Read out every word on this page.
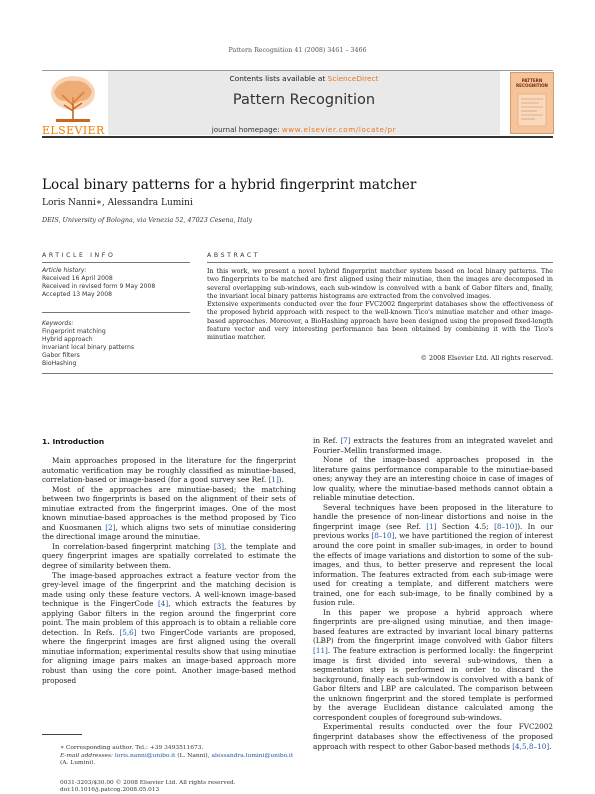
Pattern Recognition 41 (2008) 3461 – 3466
Contents lists available at ScienceDirect
Pattern Recognition
journal homepage: www.elsevier.com/locate/pr
ELSEVIER
PATTERN
RECOGNITION
Local binary patterns for a hybrid fingerprint matcher
Loris Nanni∗, Alessandra Lumini
DEIS, University of Bologna, via Venezia 52, 47023 Cesena, Italy
ARTICLE INFO	ABSTRACT
Article history:
Received 16 April 2008
Received in revised form 9 May 2008
Accepted 13 May 2008
Keywords:
Fingerprint matching
Hybrid approach
Invariant local binary patterns
Gabor filters
BioHashing

In this work, we present a novel hybrid fingerprint matcher system based on local binary patterns. The two fingerprints to be matched are first aligned using their minutiae, then the images are decomposed in several overlapping sub-windows, each sub-window is convolved with a bank of Gabor filters and, finally, the invariant local binary patterns histograms are extracted from the convolved images.

Extensive experiments conducted over the four FVC2002 fingerprint databases show the effectiveness of the proposed hybrid approach with respect to the well-known Tico's minutiae matcher and other image-based approaches. Moreover, a BioHashing approach have been designed using the proposed fixed-length feature vector and very interesting performance has been obtained by combining it with the Tico's minutiae matcher.

© 2008 Elsevier Ltd. All rights reserved.
1. Introduction

Main approaches proposed in the literature for the fingerprint automatic verification may be roughly classified as minutiae-based, correlation-based or image-based (for a good survey see Ref. [1]).

Most of the approaches are minutiae-based; the matching between two fingerprints is based on the alignment of their sets of minutiae extracted from the fingerprint images. One of the most known minutiae-based approaches is the method proposed by Tico and Kuosmanen [2], which aligns two sets of minutiae considering the directional image around the minutiae.

In correlation-based fingerprint matching [3], the template and query fingerprint images are spatially correlated to estimate the degree of similarity between them.

The image-based approaches extract a feature vector from the grey-level image of the fingerprint and the matching decision is made using only these feature vectors. A well-known image-based technique is the FingerCode [4], which extracts the features by applying Gabor filters in the region around the fingerprint core point. The main problem of this approach is to obtain a reliable core detection. In Refs. [5,6] two FingerCode variants are proposed, where the fingerprint images are first aligned using the overall minutiae information; experimental results show that using minutiae for aligning image pairs makes an image-based approach more robust than using the core point. Another image-based method proposed

in Ref. [7] extracts the features from an integrated wavelet and Fourier–Mellin transformed image.

None of the image-based approaches proposed in the literature gains performance comparable to the minutiae-based ones; anyway they are an interesting choice in case of images of low quality, where the minutiae-based methods cannot obtain a reliable minutiae detection.

Several techniques have been proposed in the literature to handle the presence of non-linear distortions and noise in the fingerprint image (see Ref. [1] Section 4.5; [8–10]). In our previous works [8–10], we have partitioned the region of interest around the core point in smaller sub-images, in order to bound the effects of image variations and distortion to some of the sub-images, and thus, to better preserve and represent the local information. The features extracted from each sub-image were used for creating a template, and different matchers were trained, one for each sub-image, to be finally combined by a fusion rule.

In this paper we propose a hybrid approach where fingerprints are pre-aligned using minutiae, and then image-based features are extracted by invariant local binary patterns (LBP) from the fingerprint image convolved with Gabor filters [11]. The feature extraction is performed locally: the fingerprint image is first divided into several sub-windows, then a segmentation step is performed in order to discard the background, finally each sub-window is convolved with a bank of Gabor filters and LBP are calculated. The comparison between the unknown fingerprint and the stored template is performed by the average Euclidean distance calculated among the correspondent couples of foreground sub-windows.

Experimental results conducted over the four FVC2002 fingerprint databases show the effectiveness of the proposed approach with respect to other Gabor-based methods [4,5,8–10].

∗ Corresponding author. Tel.: +39 3493511673.
E-mail addresses: loris.nanni@unibo.it (L. Nanni), alessandra.lumini@unibo.it (A. Lumini).
0031-3203/$30.00 © 2008 Elsevier Ltd. All rights reserved.
doi:10.1016/j.patcog.2008.05.013
